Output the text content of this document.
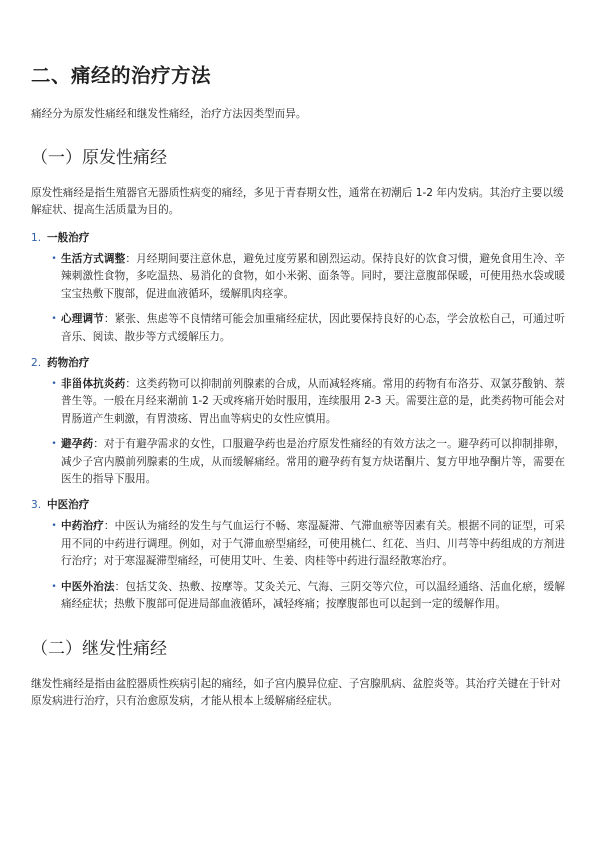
二、痛经的治疗方法

痛经分为原发性痛经和继发性痛经，治疗方法因类型而异。

（一）原发性痛经

原发性痛经是指生殖器官无器质性病变的痛经，多见于青春期女性，通常在初潮后 1-2 年内发病。其治疗主要以缓解症状、提高生活质量为目的。

1. 一般治疗
• 生活方式调整：月经期间要注意休息，避免过度劳累和剧烈运动。保持良好的饮食习惯，避免食用生冷、辛辣刺激性食物，多吃温热、易消化的食物，如小米粥、面条等。同时，要注意腹部保暖，可使用热水袋或暖宝宝热敷下腹部，促进血液循环，缓解肌肉痉挛。
• 心理调节：紧张、焦虑等不良情绪可能会加重痛经症状，因此要保持良好的心态，学会放松自己，可通过听音乐、阅读、散步等方式缓解压力。
2. 药物治疗
• 非甾体抗炎药：这类药物可以抑制前列腺素的合成，从而减轻疼痛。常用的药物有布洛芬、双氯芬酸钠、萘普生等。一般在月经来潮前 1-2 天或疼痛开始时服用，连续服用 2-3 天。需要注意的是，此类药物可能会对胃肠道产生刺激，有胃溃疡、胃出血等病史的女性应慎用。
• 避孕药：对于有避孕需求的女性，口服避孕药也是治疗原发性痛经的有效方法之一。避孕药可以抑制排卵，减少子宫内膜前列腺素的生成，从而缓解痛经。常用的避孕药有复方炔诺酮片、复方甲地孕酮片等，需要在医生的指导下服用。
3. 中医治疗
• 中药治疗：中医认为痛经的发生与气血运行不畅、寒湿凝滞、气滞血瘀等因素有关。根据不同的证型，可采用不同的中药进行调理。例如，对于气滞血瘀型痛经，可使用桃仁、红花、当归、川芎等中药组成的方剂进行治疗；对于寒湿凝滞型痛经，可使用艾叶、生姜、肉桂等中药进行温经散寒治疗。
• 中医外治法：包括艾灸、热敷、按摩等。艾灸关元、气海、三阴交等穴位，可以温经通络、活血化瘀，缓解痛经症状；热敷下腹部可促进局部血液循环，减轻疼痛；按摩腹部也可以起到一定的缓解作用。
（二）继发性痛经

继发性痛经是指由盆腔器质性疾病引起的痛经，如子宫内膜异位症、子宫腺肌病、盆腔炎等。其治疗关键在于针对原发病进行治疗，只有治愈原发病，才能从根本上缓解痛经症状。
